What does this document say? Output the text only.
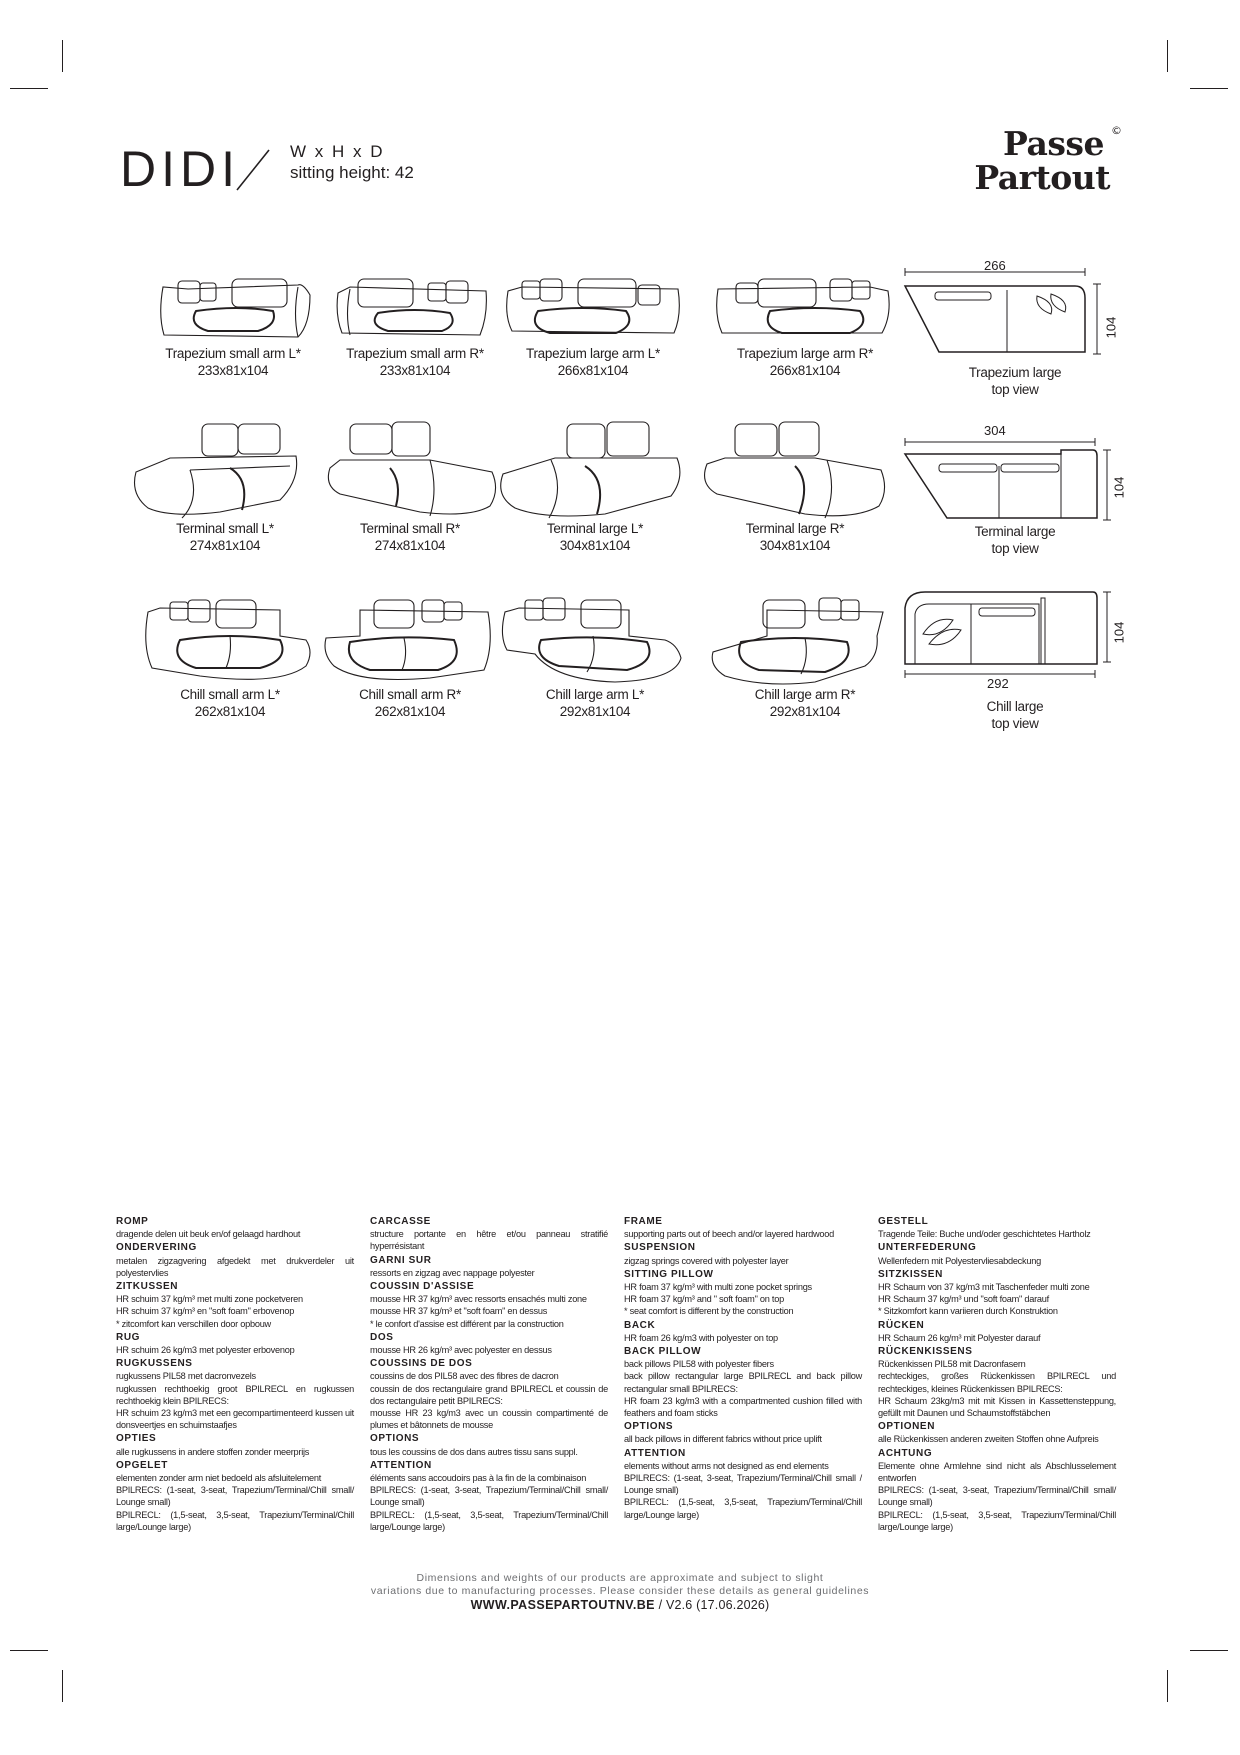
DIDI	W x H x D
sitting height: 42
Passe
Partout
©
Trapezium small arm L*
233x81x104
Trapezium small arm R*
233x81x104
Trapezium large arm L*
266x81x104
Trapezium large arm R*
266x81x104
266
104
Trapezium large
top view
Terminal small L*
274x81x104
Terminal small R*
274x81x104
Terminal large L*
304x81x104
Terminal large R*
304x81x104
304
104
Terminal large
top view
Chill small arm L*
262x81x104
Chill small arm R*
262x81x104
Chill large arm L*
292x81x104
Chill large arm R*
292x81x104
292
104
Chill large
top view
ROMP

dragende delen uit beuk en/of gelaagd hardhout

ONDERVERING

metalen zigzagvering afgedekt met drukverdeler uit polyestervlies

ZITKUSSEN

HR schuim 37 kg/m³ met multi zone pocketveren
HR schuim 37 kg/m³ en "soft foam" erbovenop
* zitcomfort kan verschillen door opbouw

RUG

HR schuim 26 kg/m3 met polyester erbovenop

RUGKUSSENS

rugkussens PIL58 met dacronvezels
rugkussen rechthoekig groot BPILRECL en rugkussen rechthoekig klein BPILRECS:
HR schuim 23 kg/m3 met een gecompartimenteerd kussen uit donsveertjes en schuimstaafjes

OPTIES

alle rugkussens in andere stoffen zonder meerprijs

OPGELET

elementen zonder arm niet bedoeld als afsluitelement
BPILRECS: (1-seat, 3-seat, Trapezium/Terminal/Chill small/ Lounge small)
BPILRECL: (1,5-seat, 3,5-seat, Trapezium/Terminal/Chill large/Lounge large)

CARCASSE

structure portante en hêtre et/ou panneau stratifié hyperrésistant

GARNI SUR

ressorts en zigzag avec nappage polyester

COUSSIN D'ASSISE

mousse HR 37 kg/m³ avec ressorts ensachés multi zone
mousse HR 37 kg/m³ et "soft foam" en dessus
* le confort d'assise est différent par la construction

DOS

mousse HR 26 kg/m³ avec polyester en dessus

COUSSINS DE DOS

coussins de dos PIL58 avec des fibres de dacron
coussin de dos rectangulaire grand BPILRECL et coussin de dos rectangulaire petit BPILRECS:
mousse HR 23 kg/m3 avec un coussin compartimenté de plumes et bâtonnets de mousse

OPTIONS

tous les coussins de dos dans autres tissu sans suppl.

ATTENTION

éléments sans accoudoirs pas à la fin de la combinaison
BPILRECS: (1-seat, 3-seat, Trapezium/Terminal/Chill small/ Lounge small)
BPILRECL: (1,5-seat, 3,5-seat, Trapezium/Terminal/Chill large/Lounge large)

FRAME

supporting parts out of beech and/or layered hardwood

SUSPENSION

zigzag springs covered with polyester layer

SITTING PILLOW

HR foam 37 kg/m³ with multi zone pocket springs
HR foam 37 kg/m³ and " soft foam" on top
* seat comfort is different by the construction

BACK

HR foam 26 kg/m3 with polyester on top

BACK PILLOW

back pillows PIL58 with polyester fibers
back pillow rectangular large BPILRECL and back pillow rectangular small BPILRECS:
HR foam 23 kg/m3 with a compartmented cushion filled with feathers and foam sticks

OPTIONS

all back pillows in different fabrics without price uplift

ATTENTION

elements without arms not designed as end elements
BPILRECS: (1-seat, 3-seat, Trapezium/Terminal/Chill small / Lounge small)
BPILRECL: (1,5-seat, 3,5-seat, Trapezium/Terminal/Chill large/Lounge large)

GESTELL

Tragende Teile: Buche und/oder geschichtetes Hartholz

UNTERFEDERUNG

Wellenfedern mit Polyestervliesabdeckung

SITZKISSEN

HR Schaum von 37 kg/m3 mit Taschenfeder multi zone
HR Schaum 37 kg/m³ und "soft foam" darauf
* Sitzkomfort kann variieren durch Konstruktion

RÜCKEN

HR Schaum 26 kg/m³ mit Polyester darauf

RÜCKENKISSENS

Rückenkissen PIL58 mit Dacronfasern
rechteckiges, großes Rückenkissen BPILRECL und rechteckiges, kleines Rückenkissen BPILRECS:
HR Schaum 23kg/m3 mit mit Kissen in Kassettensteppung, gefüllt mit Daunen und Schaumstoffstäbchen

OPTIONEN

alle Rückenkissen anderen zweiten Stoffen ohne Aufpreis

ACHTUNG

Elemente ohne Armlehne sind nicht als Abschlusselement entworfen
BPILRECS: (1-seat, 3-seat, Trapezium/Terminal/Chill small/ Lounge small)
BPILRECL: (1,5-seat, 3,5-seat, Trapezium/Terminal/Chill large/Lounge large)

Dimensions and weights of our products are approximate and subject to slight
variations due to manufacturing processes. Please consider these details as general guidelines
WWW.PASSEPARTOUTNV.BE / V2.6 (17.06.2026)
